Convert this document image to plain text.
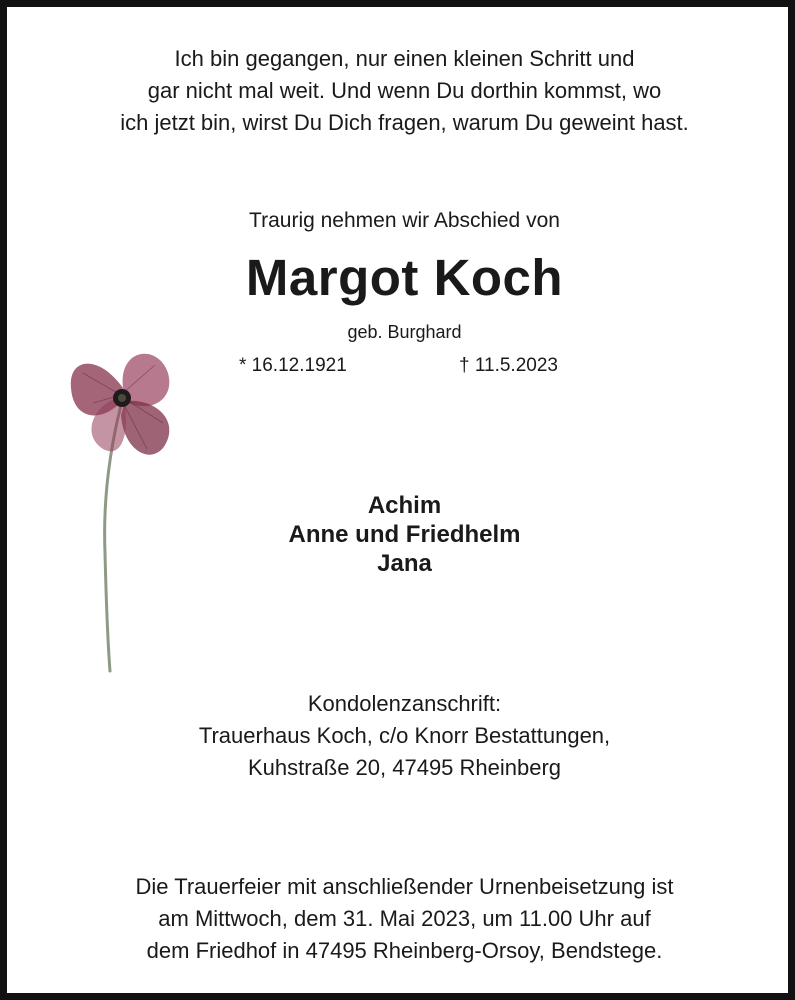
Ich bin gegangen, nur einen kleinen Schritt und
gar nicht mal weit. Und wenn Du dorthin kommst, wo
ich jetzt bin, wirst Du Dich fragen, warum Du geweint hast.
Traurig nehmen wir Abschied von
Margot Koch
geb. Burghard
* 16.12.1921	† 11.5.2023
Achim
Anne und Friedhelm
Jana
Kondolenzanschrift:
Trauerhaus Koch, c/o Knorr Bestattungen,
Kuhstraße 20, 47495 Rheinberg
Die Trauerfeier mit anschließender Urnenbeisetzung ist
am Mittwoch, dem 31. Mai 2023, um 11.00 Uhr auf
dem Friedhof in 47495 Rheinberg-Orsoy, Bendstege.
